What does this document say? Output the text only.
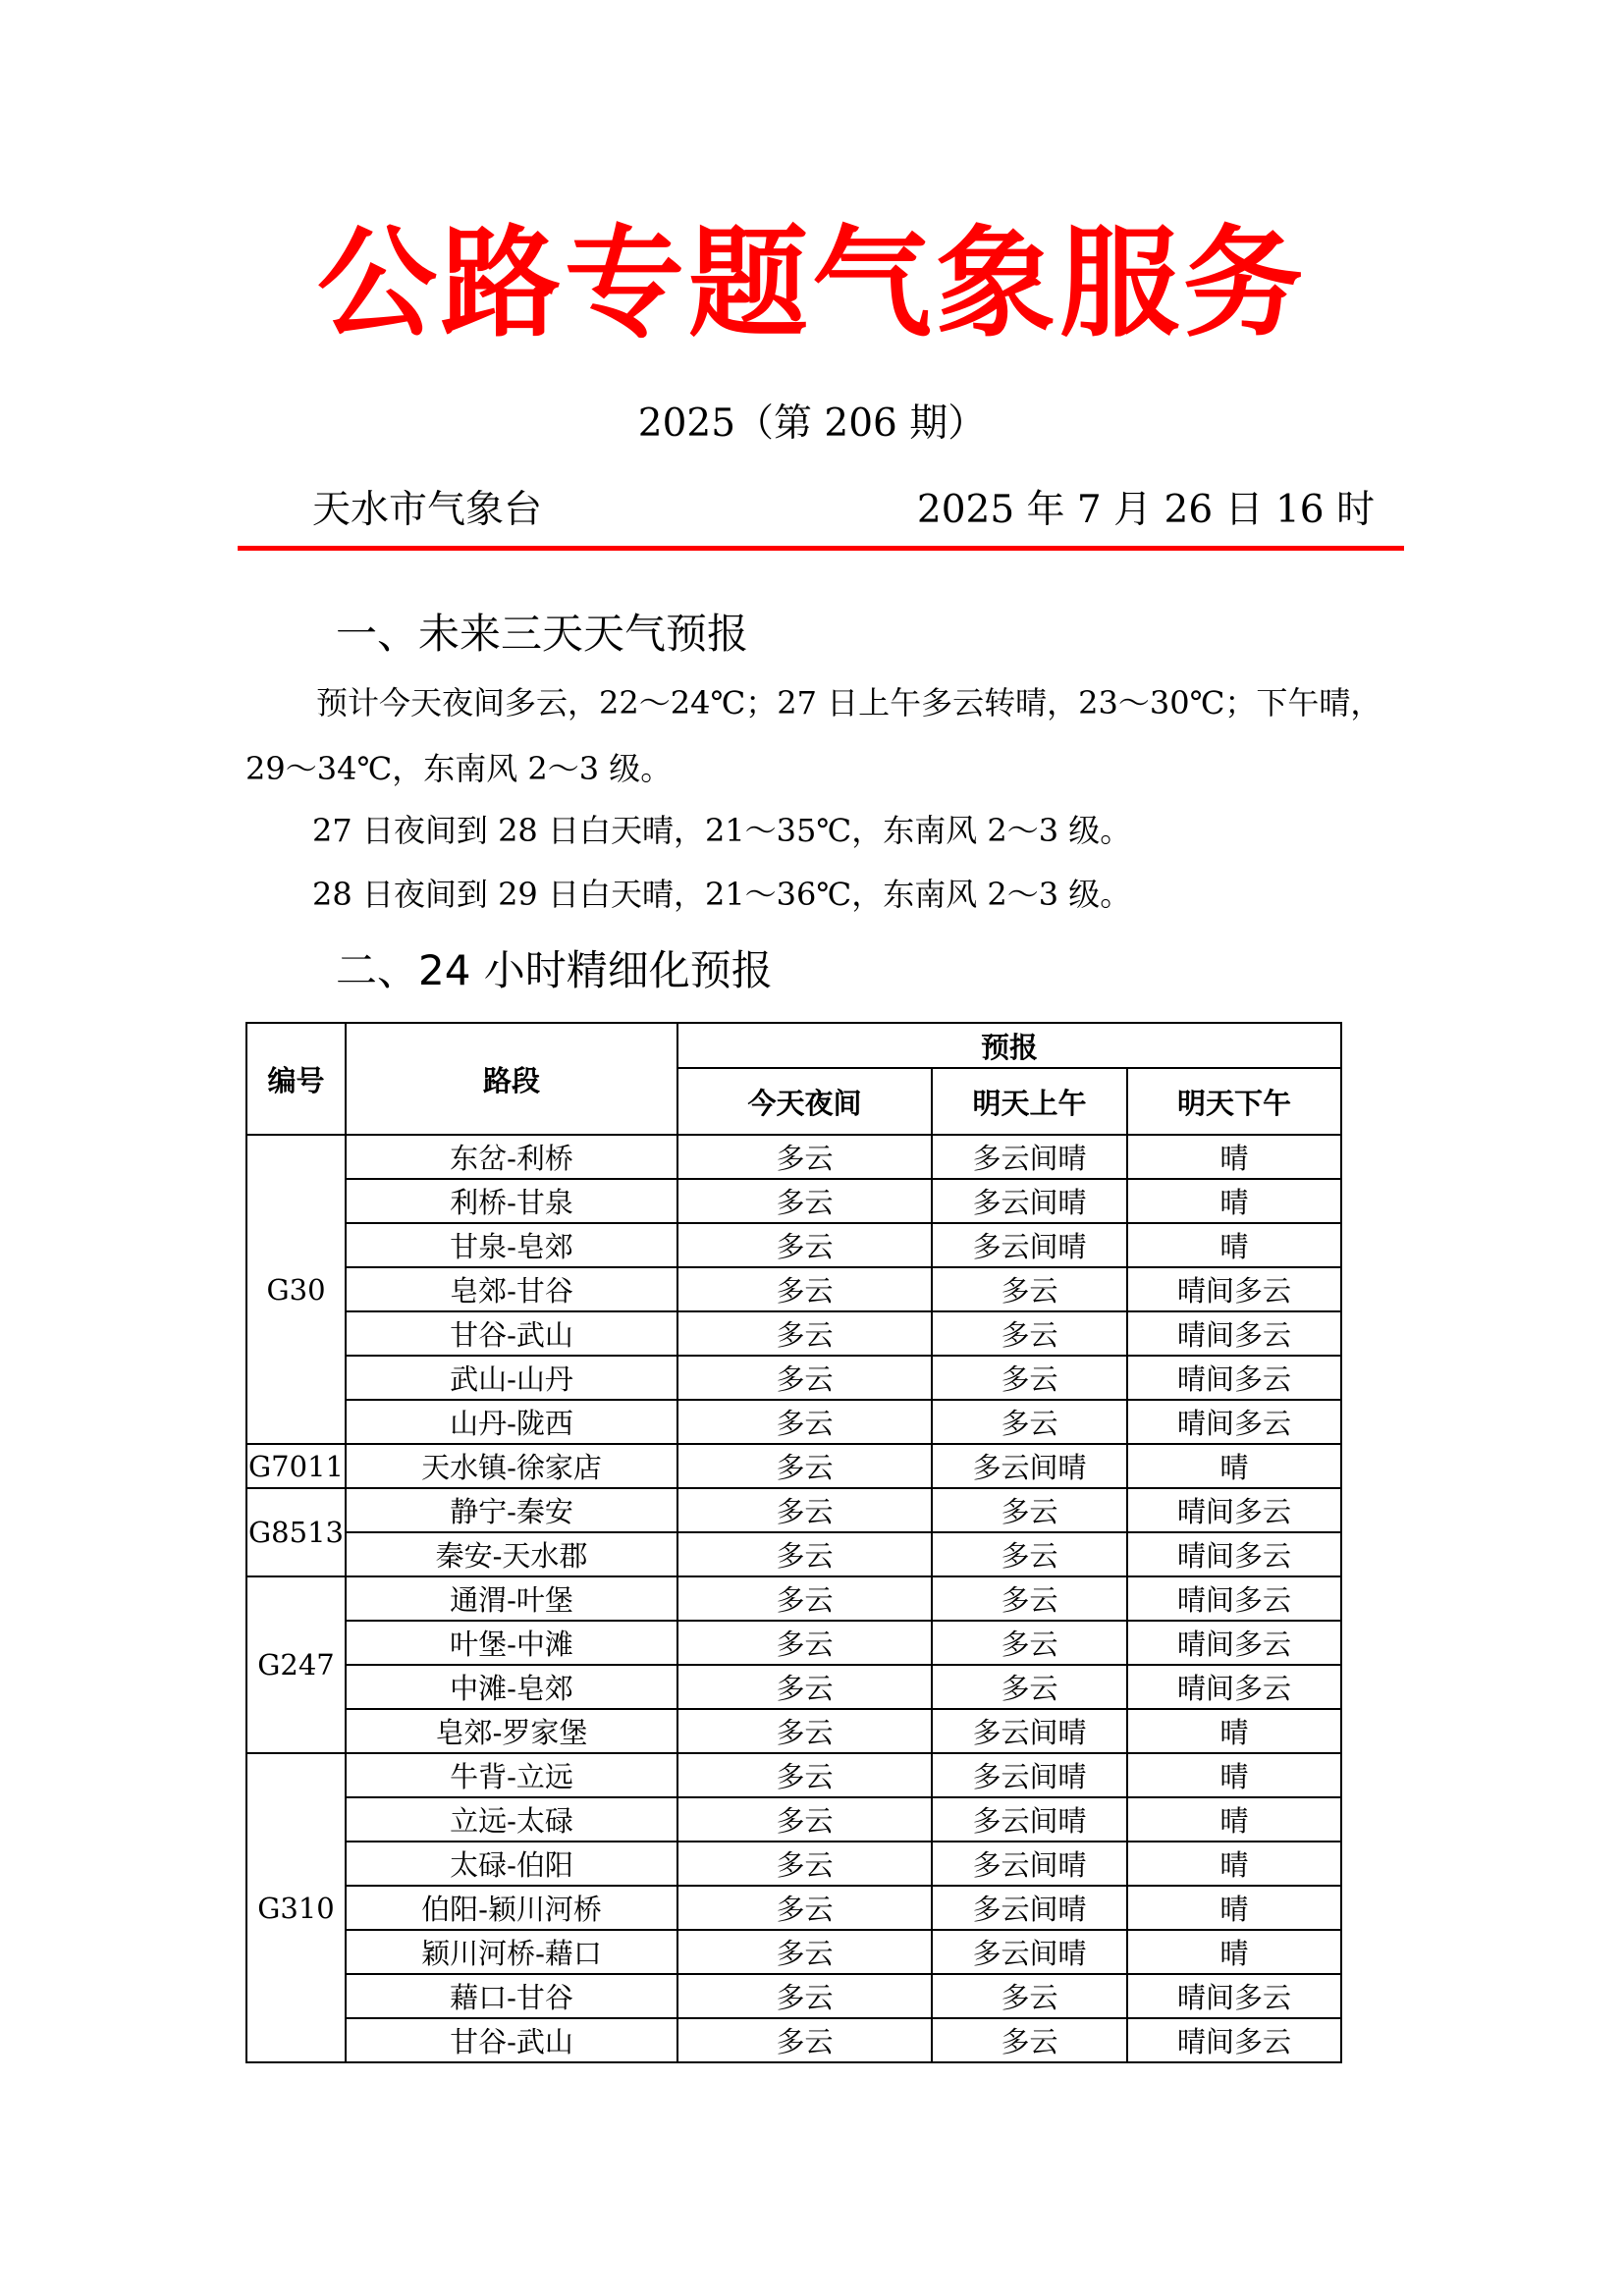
公路专题气象服务
2025（第 206 期）
天水市气象台	2025 年 7 月 26 日 16 时
一、未来三天天气预报
预计今天夜间多云，22～24℃；27 日上午多云转晴，23～30℃；下午晴，
29～34℃，东南风 2～3 级。
27 日夜间到 28 日白天晴，21～35℃，东南风 2～3 级。
28 日夜间到 29 日白天晴，21～36℃，东南风 2～3 级。
二、24 小时精细化预报
编号	路段	预报		
		今天夜间	明天上午	明天下午
G30	东岔-利桥	多云	多云间晴	晴
	利桥-甘泉	多云	多云间晴	晴
	甘泉-皂郊	多云	多云间晴	晴
	皂郊-甘谷	多云	多云	晴间多云
	甘谷-武山	多云	多云	晴间多云
	武山-山丹	多云	多云	晴间多云
	山丹-陇西	多云	多云	晴间多云
G7011	天水镇-徐家店	多云	多云间晴	晴
G8513	静宁-秦安	多云	多云	晴间多云
	秦安-天水郡	多云	多云	晴间多云
G247	通渭-叶堡	多云	多云	晴间多云
	叶堡-中滩	多云	多云	晴间多云
	中滩-皂郊	多云	多云	晴间多云
	皂郊-罗家堡	多云	多云间晴	晴
G310	牛背-立远	多云	多云间晴	晴
	立远-太碌	多云	多云间晴	晴
	太碌-伯阳	多云	多云间晴	晴
	伯阳-颖川河桥	多云	多云间晴	晴
	颖川河桥-藉口	多云	多云间晴	晴
	藉口-甘谷	多云	多云	晴间多云
	甘谷-武山	多云	多云	晴间多云
